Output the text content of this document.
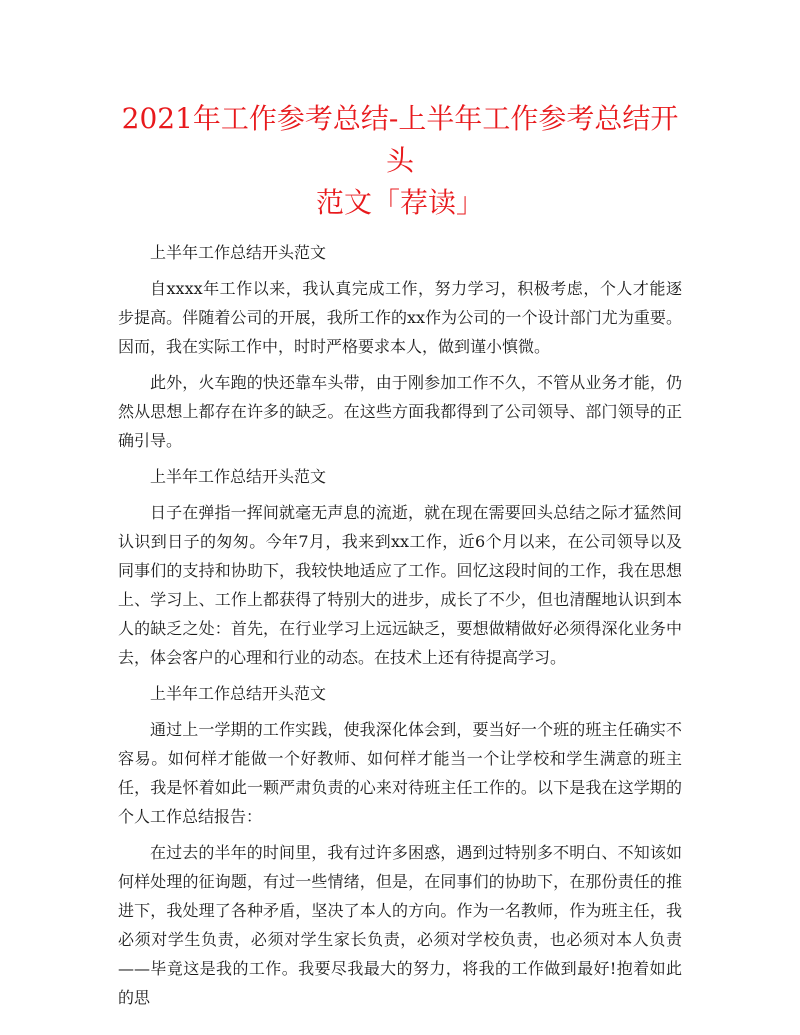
2021年工作参考总结-上半年工作参考总结开头
范文「荐读」

上半年工作总结开头范文

自xxxx年工作以来，我认真完成工作，努力学习，积极考虑，个人才能逐步提高。伴随着公司的开展，我所工作的xx作为公司的一个设计部门尤为重要。因而，我在实际工作中，时时严格要求本人，做到谨小慎微。

此外，火车跑的快还靠车头带，由于刚参加工作不久，不管从业务才能，仍然从思想上都存在许多的缺乏。在这些方面我都得到了公司领导、部门领导的正确引导。

上半年工作总结开头范文

日子在弹指一挥间就毫无声息的流逝，就在现在需要回头总结之际才猛然间认识到日子的匆匆。今年7月，我来到xx工作，近6个月以来，在公司领导以及同事们的支持和协助下，我较快地适应了工作。回忆这段时间的工作，我在思想上、学习上、工作上都获得了特别大的进步，成长了不少，但也清醒地认识到本人的缺乏之处：首先，在行业学习上远远缺乏，要想做精做好必须得深化业务中去，体会客户的心理和行业的动态。在技术上还有待提高学习。

上半年工作总结开头范文

通过上一学期的工作实践，使我深化体会到，要当好一个班的班主任确实不容易。如何样才能做一个好教师、如何样才能当一个让学校和学生满意的班主任，我是怀着如此一颗严肃负责的心来对待班主任工作的。以下是我在这学期的个人工作总结报告：

在过去的半年的时间里，我有过许多困惑，遇到过特别多不明白、不知该如何样处理的征询题，有过一些情绪，但是，在同事们的协助下，在那份责任的推进下，我处理了各种矛盾，坚决了本人的方向。作为一名教师，作为班主任，我必须对学生负责，必须对学生家长负责，必须对学校负责，也必须对本人负责——毕竟这是我的工作。我要尽我最大的努力，将我的工作做到最好!抱着如此的思
